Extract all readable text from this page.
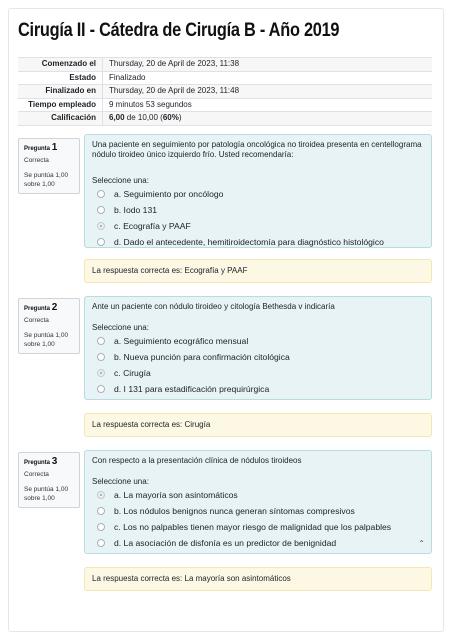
Cirugía II - Cátedra de Cirugía B - Año 2019
Comenzado el	Thursday, 20 de April de 2023, 11:38
Estado	Finalizado
Finalizado en	Thursday, 20 de April de 2023, 11:48
Tiempo empleado	9 minutos 53 segundos
Calificación	6,00 de 10,00 (60%)
Pregunta 1
Correcta
Se puntúa 1,00 sobre 1,00
Una paciente en seguimiento por patología oncológica no tiroidea presenta en centellograma nódulo tiroideo único izquierdo frío. Usted recomendaría:
Seleccione una:
a. Seguimiento por oncólogo
b. Iodo 131
c. Ecografía y PAAF
d. Dado el antecedente, hemitiroidectomía para diagnóstico histológico
La respuesta correcta es: Ecografía y PAAF
Pregunta 2
Correcta
Se puntúa 1,00 sobre 1,00
Ante un paciente con nódulo tiroideo y citología Bethesda v indicaría
Seleccione una:
a. Seguimiento ecográfico mensual
b. Nueva punción para confirmación citológica
c. Cirugía
d. I 131 para estadificación prequirúrgica
La respuesta correcta es: Cirugía
Pregunta 3
Correcta
Se puntúa 1,00 sobre 1,00
Con respecto a la presentación clínica de nódulos tiroideos
Seleccione una:
a. La mayoría son asintomáticos
b. Los nódulos benignos nunca generan síntomas compresivos
c. Los no palpables tienen mayor riesgo de malignidad que los palpables
d. La asociación de disfonía es un predictor de benignidad	⌃
La respuesta correcta es: La mayoría son asintomáticos
